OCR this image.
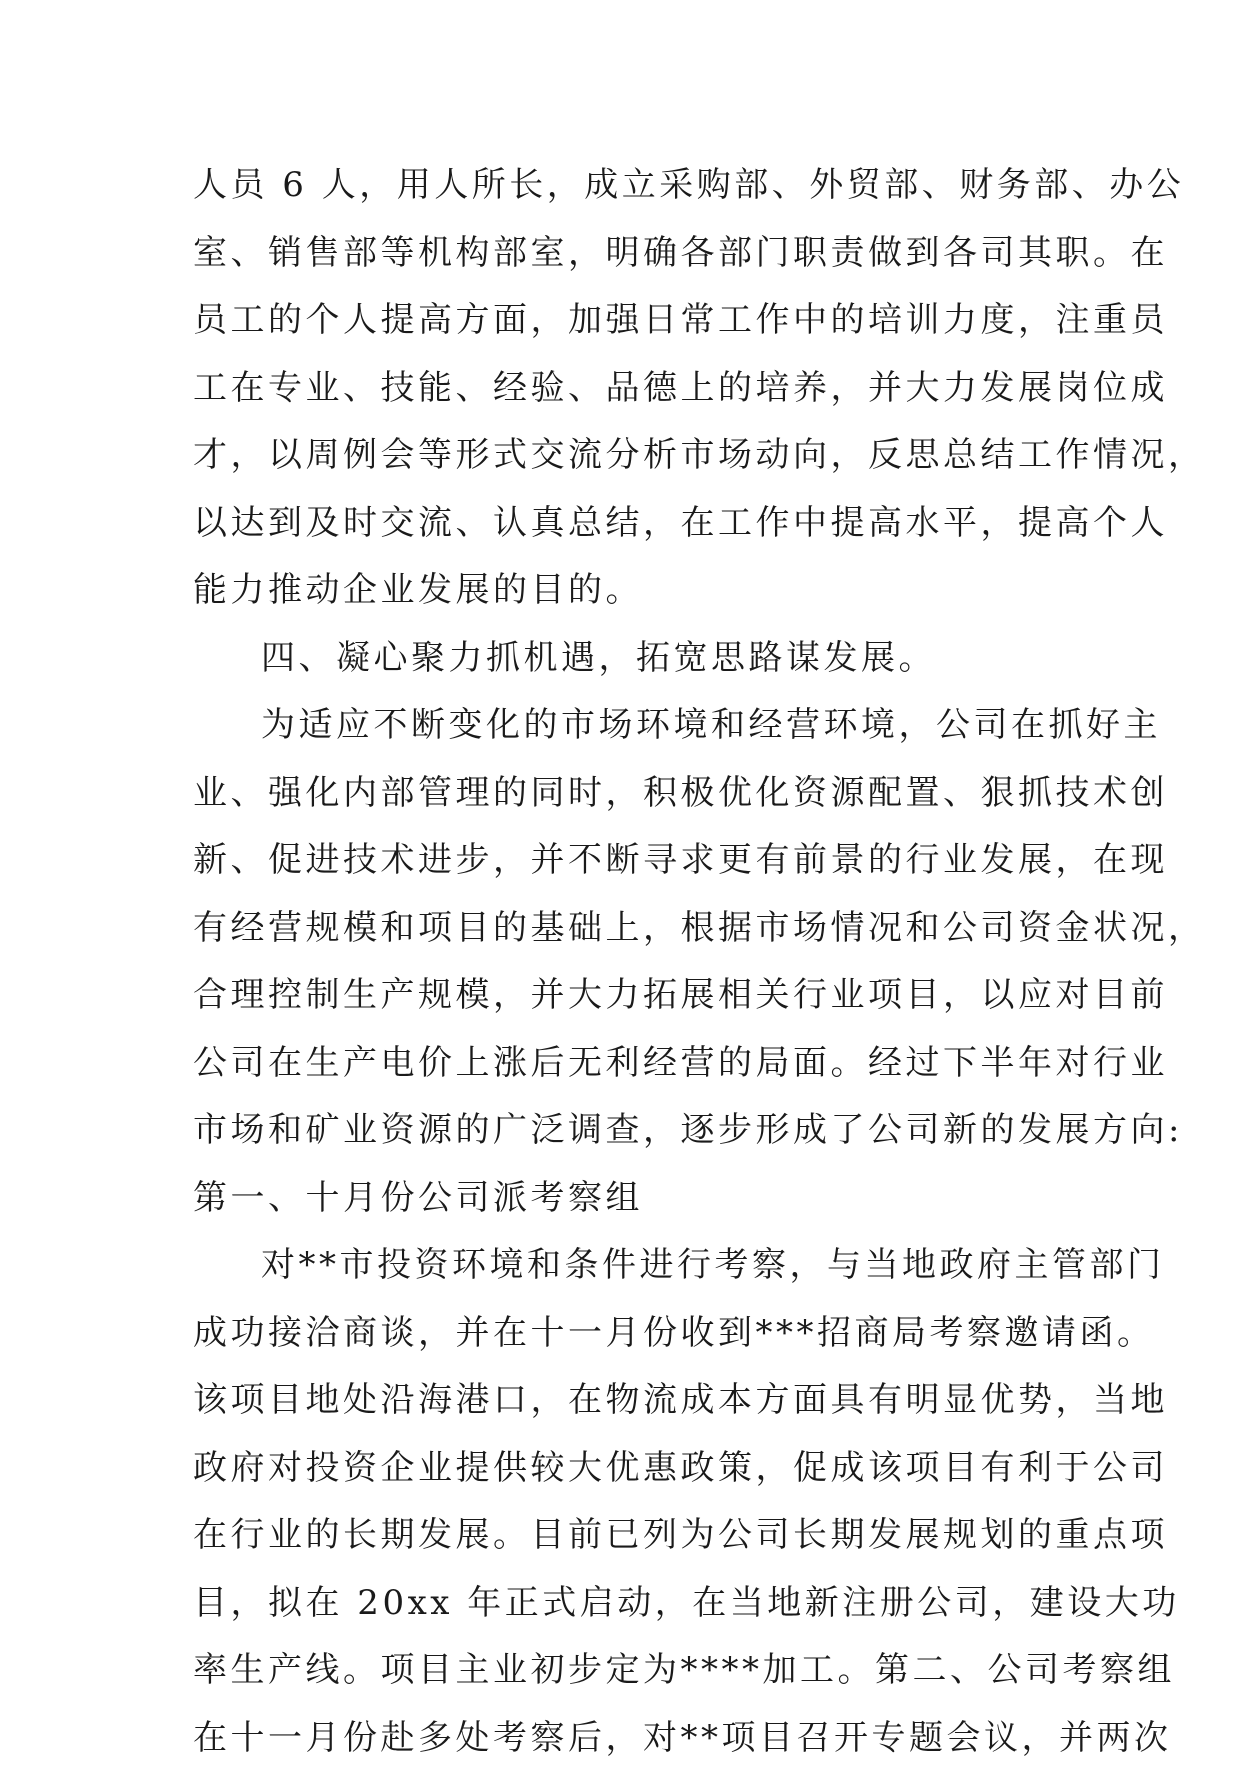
人员 6 人，用人所长，成立采购部、外贸部、财务部、办公
室、销售部等机构部室，明确各部门职责做到各司其职。在
员工的个人提高方面，加强日常工作中的培训力度，注重员
工在专业、技能、经验、品德上的培养，并大力发展岗位成
才，以周例会等形式交流分析市场动向，反思总结工作情况，
以达到及时交流、认真总结，在工作中提高水平，提高个人
能力推动企业发展的目的。
四、凝心聚力抓机遇，拓宽思路谋发展。
为适应不断变化的市场环境和经营环境，公司在抓好主
业、强化内部管理的同时，积极优化资源配置、狠抓技术创
新、促进技术进步，并不断寻求更有前景的行业发展，在现
有经营规模和项目的基础上，根据市场情况和公司资金状况，
合理控制生产规模，并大力拓展相关行业项目，以应对目前
公司在生产电价上涨后无利经营的局面。经过下半年对行业
市场和矿业资源的广泛调查，逐步形成了公司新的发展方向:
第一、十月份公司派考察组
对**市投资环境和条件进行考察，与当地政府主管部门
成功接洽商谈，并在十一月份收到***招商局考察邀请函。
该项目地处沿海港口，在物流成本方面具有明显优势，当地
政府对投资企业提供较大优惠政策，促成该项目有利于公司
在行业的长期发展。目前已列为公司长期发展规划的重点项
目，拟在 20xx 年正式启动，在当地新注册公司，建设大功
率生产线。项目主业初步定为****加工。第二、公司考察组
在十一月份赴多处考察后，对**项目召开专题会议，并两次
